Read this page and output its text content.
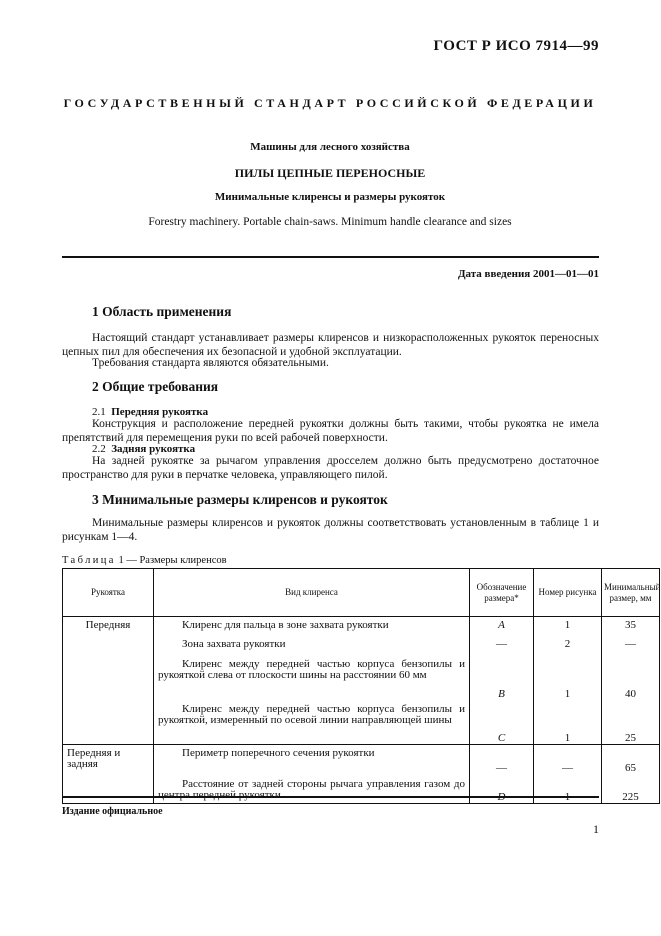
ГОСТ Р ИСО 7914—99
ГОСУДАРСТВЕННЫЙ СТАНДАРТ РОССИЙСКОЙ ФЕДЕРАЦИИ
Машины для лесного хозяйства
ПИЛЫ ЦЕПНЫЕ ПЕРЕНОСНЫЕ
Минимальные клиренсы и размеры рукояток
Forestry machinery. Portable chain-saws. Minimum handle clearance and sizes
Дата введения 2001—01—01
1 Область применения
Настоящий стандарт устанавливает размеры клиренсов и низкорасположенных рукояток переносных цепных пил для обеспечения их безопасной и удобной эксплуатации.
Требования стандарта являются обязательными.
2 Общие требования
2.1 Передняя рукоятка
Конструкция и расположение передней рукоятки должны быть такими, чтобы рукоятка не имела препятствий для перемещения руки по всей рабочей поверхности.
2.2 Задняя рукоятка
На задней рукоятке за рычагом управления дросселем должно быть предусмотрено достаточное пространство для руки в перчатке человека, управляющего пилой.
3 Минимальные размеры клиренсов и рукояток
Минимальные размеры клиренсов и рукояток должны соответствовать установленным в таблице 1 и рисункам 1—4.
Таблица 1 — Размеры клиренсов
Рукоятка	Вид клиренса	Обозначение размера*	Номер рисунка	Минимальный размер, мм
Передняя	Клиренс для пальца в зоне захвата рукоятки	A	1	35
	Зона захвата рукоятки	—	2	—
	Клиренс между передней частью корпуса бензопилы и рукояткой слева от плоскости шины на расстоянии 60 мм	B	1	40
	Клиренс между передней частью корпуса бензопилы и рукояткой, измеренный по осевой линии направляющей шины	C	1	25
Передняя и задняя	Периметр поперечного сечения рукоятки	—	—	65
	Расстояние от задней стороны рычага управления газом до центра передней рукоятки	D	1	225
Издание официальное
1
